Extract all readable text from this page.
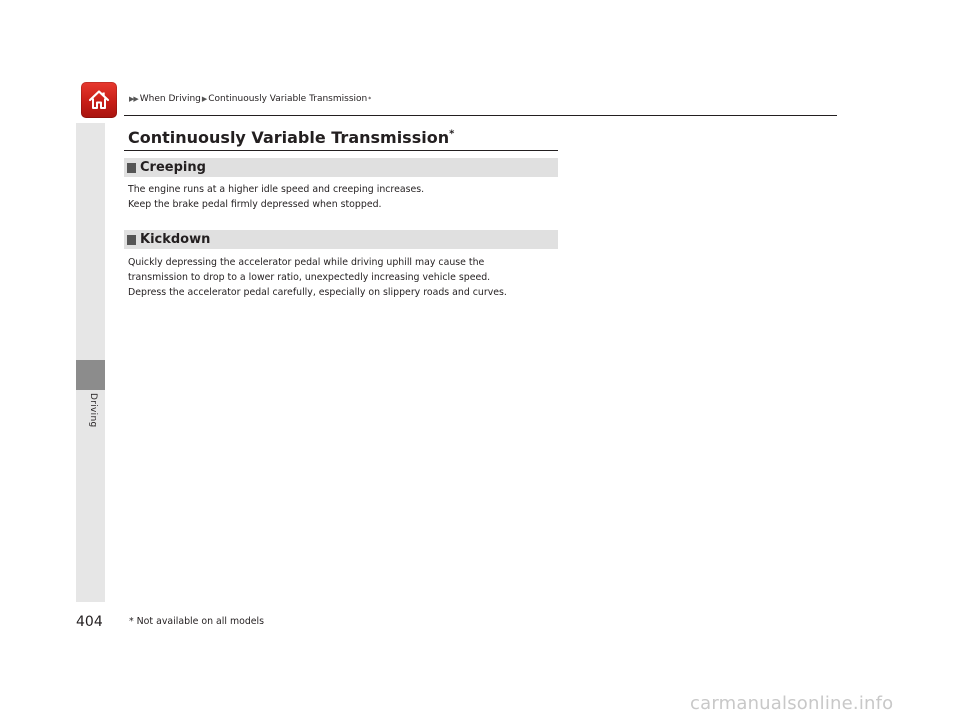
▶▶ When Driving ▶ Continuously Variable Transmission *
Driving
Continuously Variable Transmission*
Creeping
The engine runs at a higher idle speed and creeping increases.
Keep the brake pedal firmly depressed when stopped.
Kickdown
Quickly depressing the accelerator pedal while driving uphill may cause the
transmission to drop to a lower ratio, unexpectedly increasing vehicle speed.
Depress the accelerator pedal carefully, especially on slippery roads and curves.
404	* Not available on all models
carmanualsonline.info
